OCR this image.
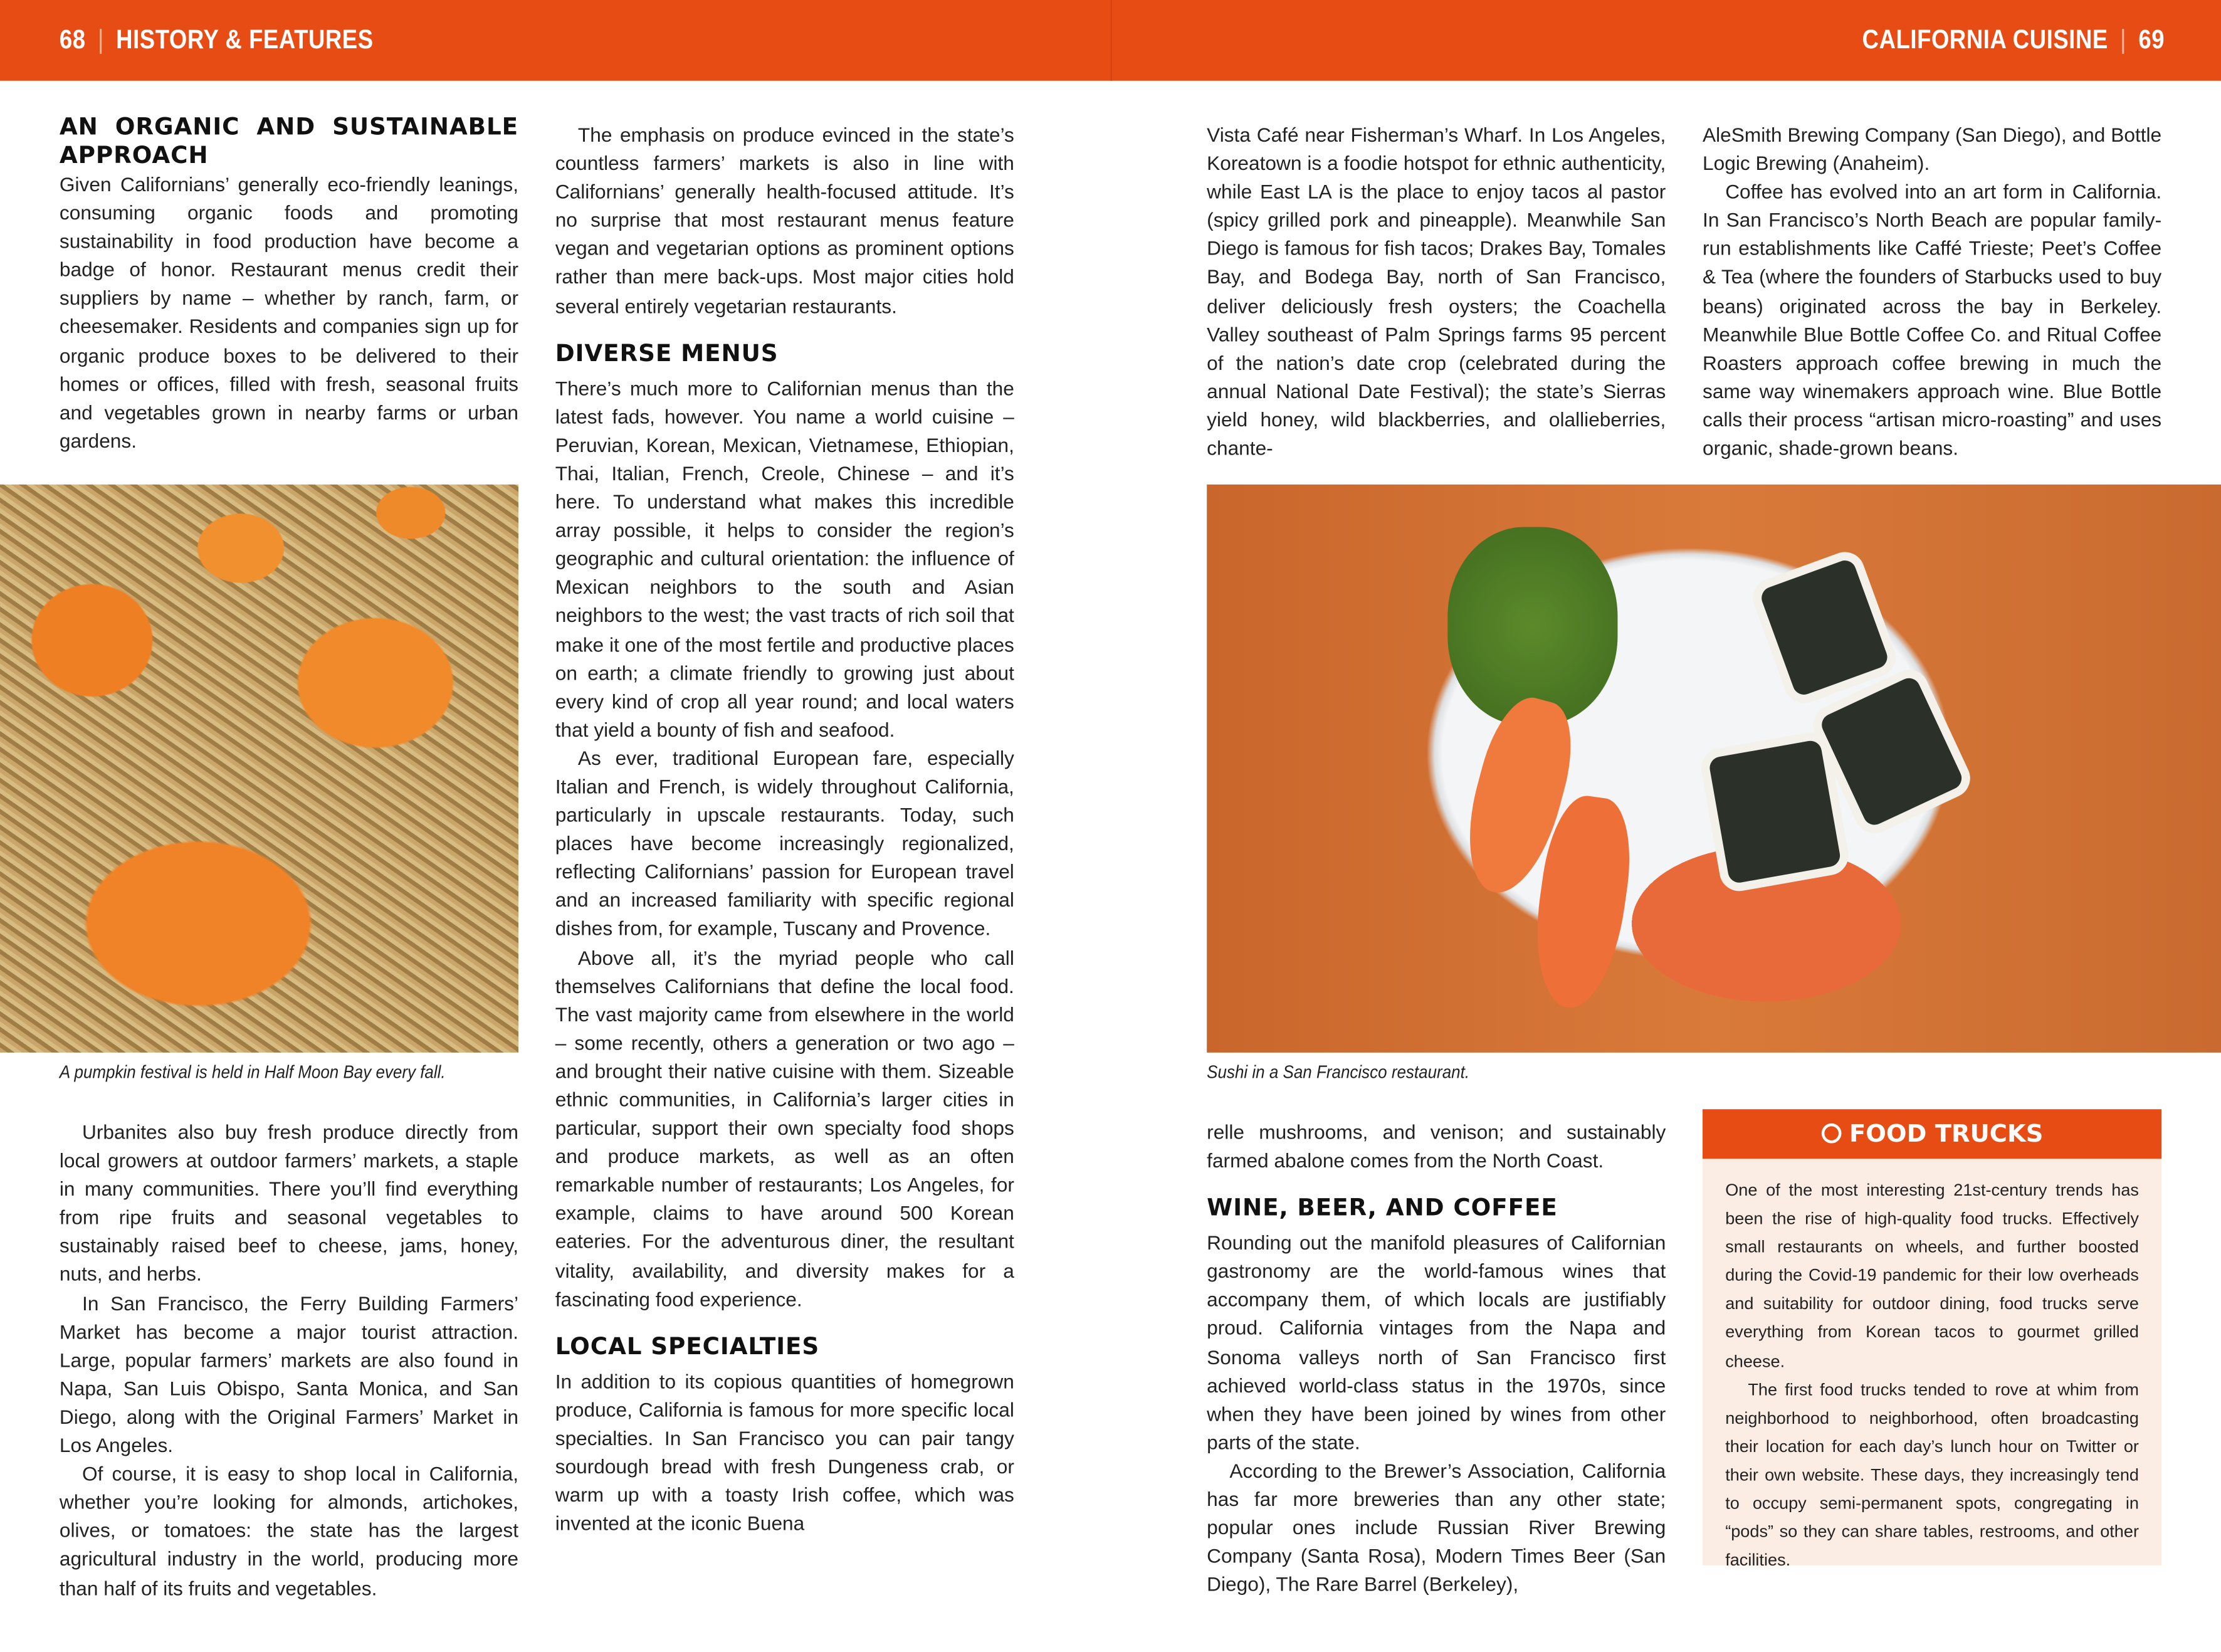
68 | HISTORY & FEATURES	CALIFORNIA CUISINE | 69
AN ORGANIC AND SUSTAINABLE APPROACH

Given Californians’ generally eco-friendly leanings, consuming organic foods and promoting sustainability in food production have become a badge of honor. Restaurant menus credit their suppliers by name – whether by ranch, farm, or cheesemaker. Residents and companies sign up for organic produce boxes to be delivered to their homes or offices, filled with fresh, seasonal fruits and vegetables grown in nearby farms or urban gardens.

A pumpkin festival is held in Half Moon Bay every fall.

Urbanites also buy fresh produce directly from local growers at outdoor farmers’ markets, a staple in many communities. There you’ll find everything from ripe fruits and seasonal vegetables to sustainably raised beef to cheese, jams, honey, nuts, and herbs.

In San Francisco, the Ferry Building Farmers’ Market has become a major tourist attraction. Large, popular farmers’ markets are also found in Napa, San Luis Obispo, Santa Monica, and San Diego, along with the Original Farmers’ Market in Los Angeles.

Of course, it is easy to shop local in California, whether you’re looking for almonds, artichokes, olives, or tomatoes: the state has the largest agricultural industry in the world, producing more than half of its fruits and vegetables.

The emphasis on produce evinced in the state’s countless farmers’ markets is also in line with Californians’ generally health-focused attitude. It’s no surprise that most restaurant menus feature vegan and vegetarian options as prominent options rather than mere back-ups. Most major cities hold several entirely vegetarian restaurants.

DIVERSE MENUS

There’s much more to Californian menus than the latest fads, however. You name a world cuisine – Peruvian, Korean, Mexican, Vietnamese, Ethiopian, Thai, Italian, French, Creole, Chinese – and it’s here. To understand what makes this incredible array possible, it helps to consider the region’s geographic and cultural orientation: the influence of Mexican neighbors to the south and Asian neighbors to the west; the vast tracts of rich soil that make it one of the most fertile and productive places on earth; a climate friendly to growing just about every kind of crop all year round; and local waters that yield a bounty of fish and seafood.

As ever, traditional European fare, especially Italian and French, is widely throughout California, particularly in upscale restaurants. Today, such places have become increasingly regionalized, reflecting Californians’ passion for European travel and an increased familiarity with specific regional dishes from, for example, Tuscany and Provence.

Above all, it’s the myriad people who call themselves Californians that define the local food. The vast majority came from elsewhere in the world – some recently, others a generation or two ago – and brought their native cuisine with them. Sizeable ethnic communities, in California’s larger cities in particular, support their own specialty food shops and produce markets, as well as an often remarkable number of restaurants; Los Angeles, for example, claims to have around 500 Korean eateries. For the adventurous diner, the resultant vitality, availability, and diversity makes for a fascinating food experience.

LOCAL SPECIALTIES

In addition to its copious quantities of homegrown produce, California is famous for more specific local specialties. In San Francisco you can pair tangy sourdough bread with fresh Dungeness crab, or warm up with a toasty Irish coffee, which was invented at the iconic Buena

Vista Café near Fisherman’s Wharf. In Los Angeles, Koreatown is a foodie hotspot for ethnic authenticity, while East LA is the place to enjoy tacos al pastor (spicy grilled pork and pineapple). Meanwhile San Diego is famous for fish tacos; Drakes Bay, Tomales Bay, and Bodega Bay, north of San Francisco, deliver deliciously fresh oysters; the Coachella Valley southeast of Palm Springs farms 95 percent of the nation’s date crop (celebrated during the annual National Date Festival); the state’s Sierras yield honey, wild blackberries, and olallieberries, chante-

Sushi in a San Francisco restaurant.

relle mushrooms, and venison; and sustainably farmed abalone comes from the North Coast.

WINE, BEER, AND COFFEE

Rounding out the manifold pleasures of Californian gastronomy are the world-famous wines that accompany them, of which locals are justifiably proud. California vintages from the Napa and Sonoma valleys north of San Francisco first achieved world-class status in the 1970s, since when they have been joined by wines from other parts of the state.

According to the Brewer’s Association, California has far more breweries than any other state; popular ones include Russian River Brewing Company (Santa Rosa), Modern Times Beer (San Diego), The Rare Barrel (Berkeley),

AleSmith Brewing Company (San Diego), and Bottle Logic Brewing (Anaheim).

Coffee has evolved into an art form in California. In San Francisco’s North Beach are popular family-run establishments like Caffé Trieste; Peet’s Coffee & Tea (where the founders of Starbucks used to buy beans) originated across the bay in Berkeley. Meanwhile Blue Bottle Coffee Co. and Ritual Coffee Roasters approach coffee brewing in much the same way winemakers approach wine. Blue Bottle calls their process “artisan micro-roasting” and uses organic, shade-grown beans.

FOOD TRUCKS

One of the most interesting 21st-century trends has been the rise of high-quality food trucks. Effectively small restaurants on wheels, and further boosted during the Covid-19 pandemic for their low overheads and suitability for outdoor dining, food trucks serve everything from Korean tacos to gourmet grilled cheese.

The first food trucks tended to rove at whim from neighborhood to neighborhood, often broadcasting their location for each day’s lunch hour on Twitter or their own website. These days, they increasingly tend to occupy semi-permanent spots, congregating in “pods” so they can share tables, restrooms, and other facilities.
